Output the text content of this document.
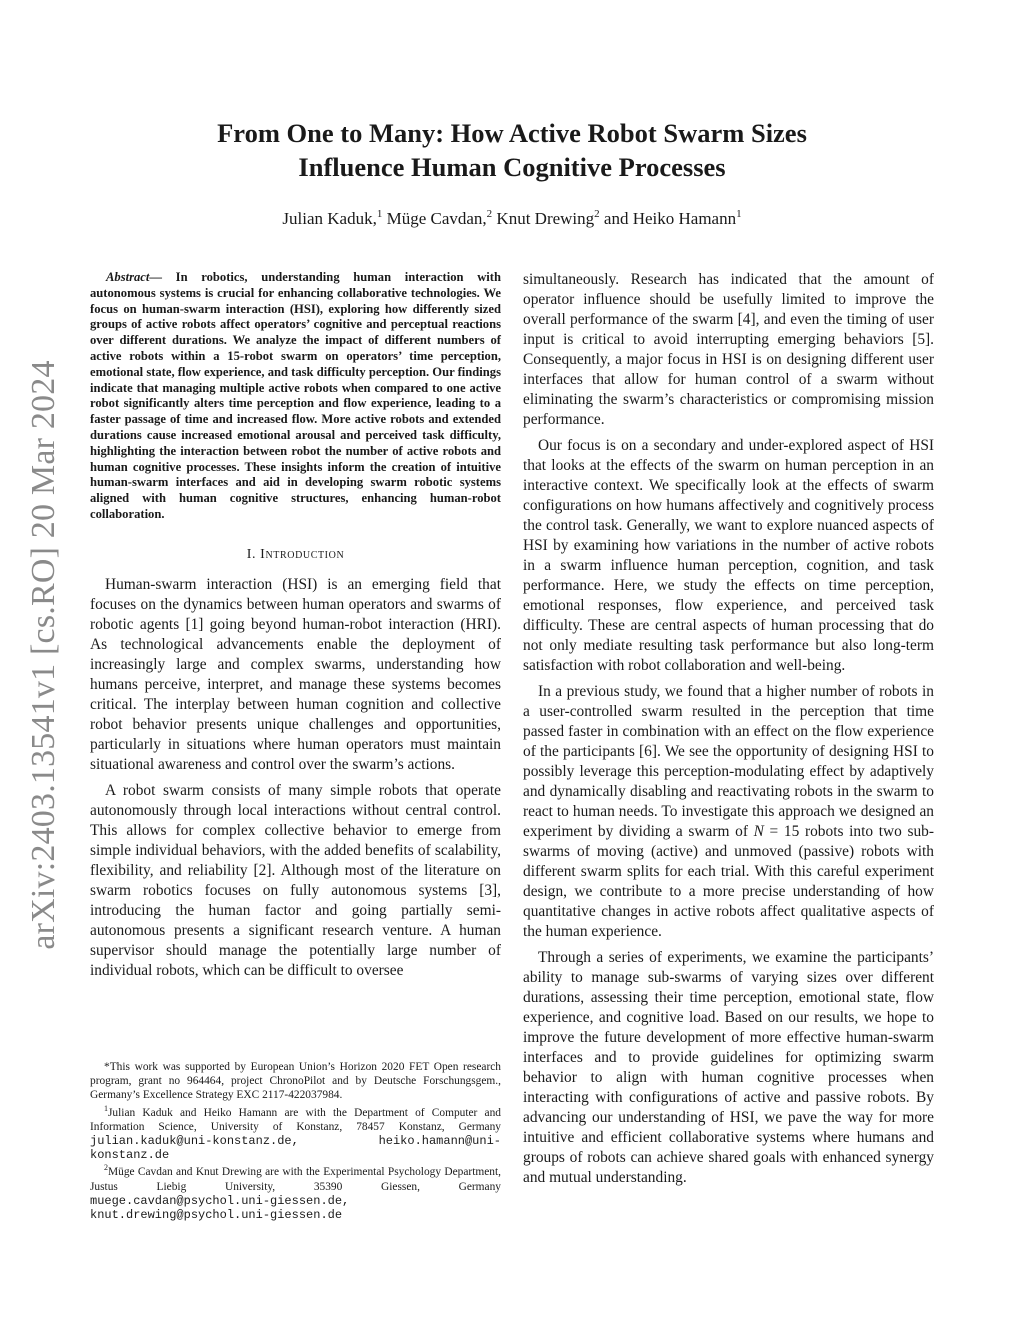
arXiv:2403.13541v1 [cs.RO] 20 Mar 2024
From One to Many: How Active Robot Swarm Sizes
Influence Human Cognitive Processes
Julian Kaduk,$^1$ Müge Cavdan,$^2$ Knut Drewing$^2$ and Heiko Hamann$^1$

Abstract— In robotics, understanding human interaction with autonomous systems is crucial for enhancing collaborative technologies. We focus on human-swarm interaction (HSI), exploring how differently sized groups of active robots affect operators’ cognitive and perceptual reactions over different durations. We analyze the impact of different numbers of active robots within a 15-robot swarm on operators’ time perception, emotional state, flow experience, and task difficulty perception. Our findings indicate that managing multiple active robots when compared to one active robot significantly alters time perception and flow experience, leading to a faster passage of time and increased flow. More active robots and extended durations cause increased emotional arousal and perceived task difficulty, highlighting the interaction between robot the number of active robots and human cognitive processes. These insights inform the creation of intuitive human-swarm interfaces and aid in developing swarm robotic systems aligned with human cognitive structures, enhancing human-robot collaboration.

I. Introduction

Human-swarm interaction (HSI) is an emerging field that focuses on the dynamics between human operators and swarms of robotic agents [1] going beyond human-robot interaction (HRI). As technological advancements enable the deployment of increasingly large and complex swarms, understanding how humans perceive, interpret, and manage these systems becomes critical. The interplay between human cognition and collective robot behavior presents unique challenges and opportunities, particularly in situations where human operators must maintain situational awareness and control over the swarm’s actions.

A robot swarm consists of many simple robots that operate autonomously through local interactions without central control. This allows for complex collective behavior to emerge from simple individual behaviors, with the added benefits of scalability, flexibility, and reliability [2]. Although most of the literature on swarm robotics focuses on fully autonomous systems [3], introducing the human factor and going partially semi-autonomous presents a significant research venture. A human supervisor should manage the potentially large number of individual robots, which can be difficult to oversee

*This work was supported by European Union’s Horizon 2020 FET Open research program, grant no 964464, project ChronoPilot and by Deutsche Forschungsgem., Germany’s Excellence Strategy EXC 2117-422037984.

$^1$Julian Kaduk and Heiko Hamann are with the Department of Computer and Information Science, University of Konstanz, 78457 Konstanz, Germany julian.kaduk@uni-konstanz.de, heiko.hamann@uni-konstanz.de

$^2$Müge Cavdan and Knut Drewing are with the Experimental Psychology Department, Justus Liebig University, 35390 Giessen, Germany muege.cavdan@psychol.uni-giessen.de, knut.drewing@psychol.uni-giessen.de

simultaneously. Research has indicated that the amount of operator influence should be usefully limited to improve the overall performance of the swarm [4], and even the timing of user input is critical to avoid interrupting emerging behaviors [5]. Consequently, a major focus in HSI is on designing different user interfaces that allow for human control of a swarm without eliminating the swarm’s characteristics or compromising mission performance.

Our focus is on a secondary and under-explored aspect of HSI that looks at the effects of the swarm on human perception in an interactive context. We specifically look at the effects of swarm configurations on how humans affectively and cognitively process the control task. Generally, we want to explore nuanced aspects of HSI by examining how variations in the number of active robots in a swarm influence human perception, cognition, and task performance. Here, we study the effects on time perception, emotional responses, flow experience, and perceived task difficulty. These are central aspects of human processing that do not only mediate resulting task performance but also long-term satisfaction with robot collaboration and well-being.

In a previous study, we found that a higher number of robots in a user-controlled swarm resulted in the perception that time passed faster in combination with an effect on the flow experience of the participants [6]. We see the opportunity of designing HSI to possibly leverage this perception-modulating effect by adaptively and dynamically disabling and reactivating robots in the swarm to react to human needs. To investigate this approach we designed an experiment by dividing a swarm of N = 15 robots into two sub-swarms of moving (active) and unmoved (passive) robots with different swarm splits for each trial. With this careful experiment design, we contribute to a more precise understanding of how quantitative changes in active robots affect qualitative aspects of the human experience.

Through a series of experiments, we examine the participants’ ability to manage sub-swarms of varying sizes over different durations, assessing their time perception, emotional state, flow experience, and cognitive load. Based on our results, we hope to improve the future development of more effective human-swarm interfaces and to provide guidelines for optimizing swarm behavior to align with human cognitive processes when interacting with configurations of active and passive robots. By advancing our understanding of HSI, we pave the way for more intuitive and efficient collaborative systems where humans and groups of robots can achieve shared goals with enhanced synergy and mutual understanding.
